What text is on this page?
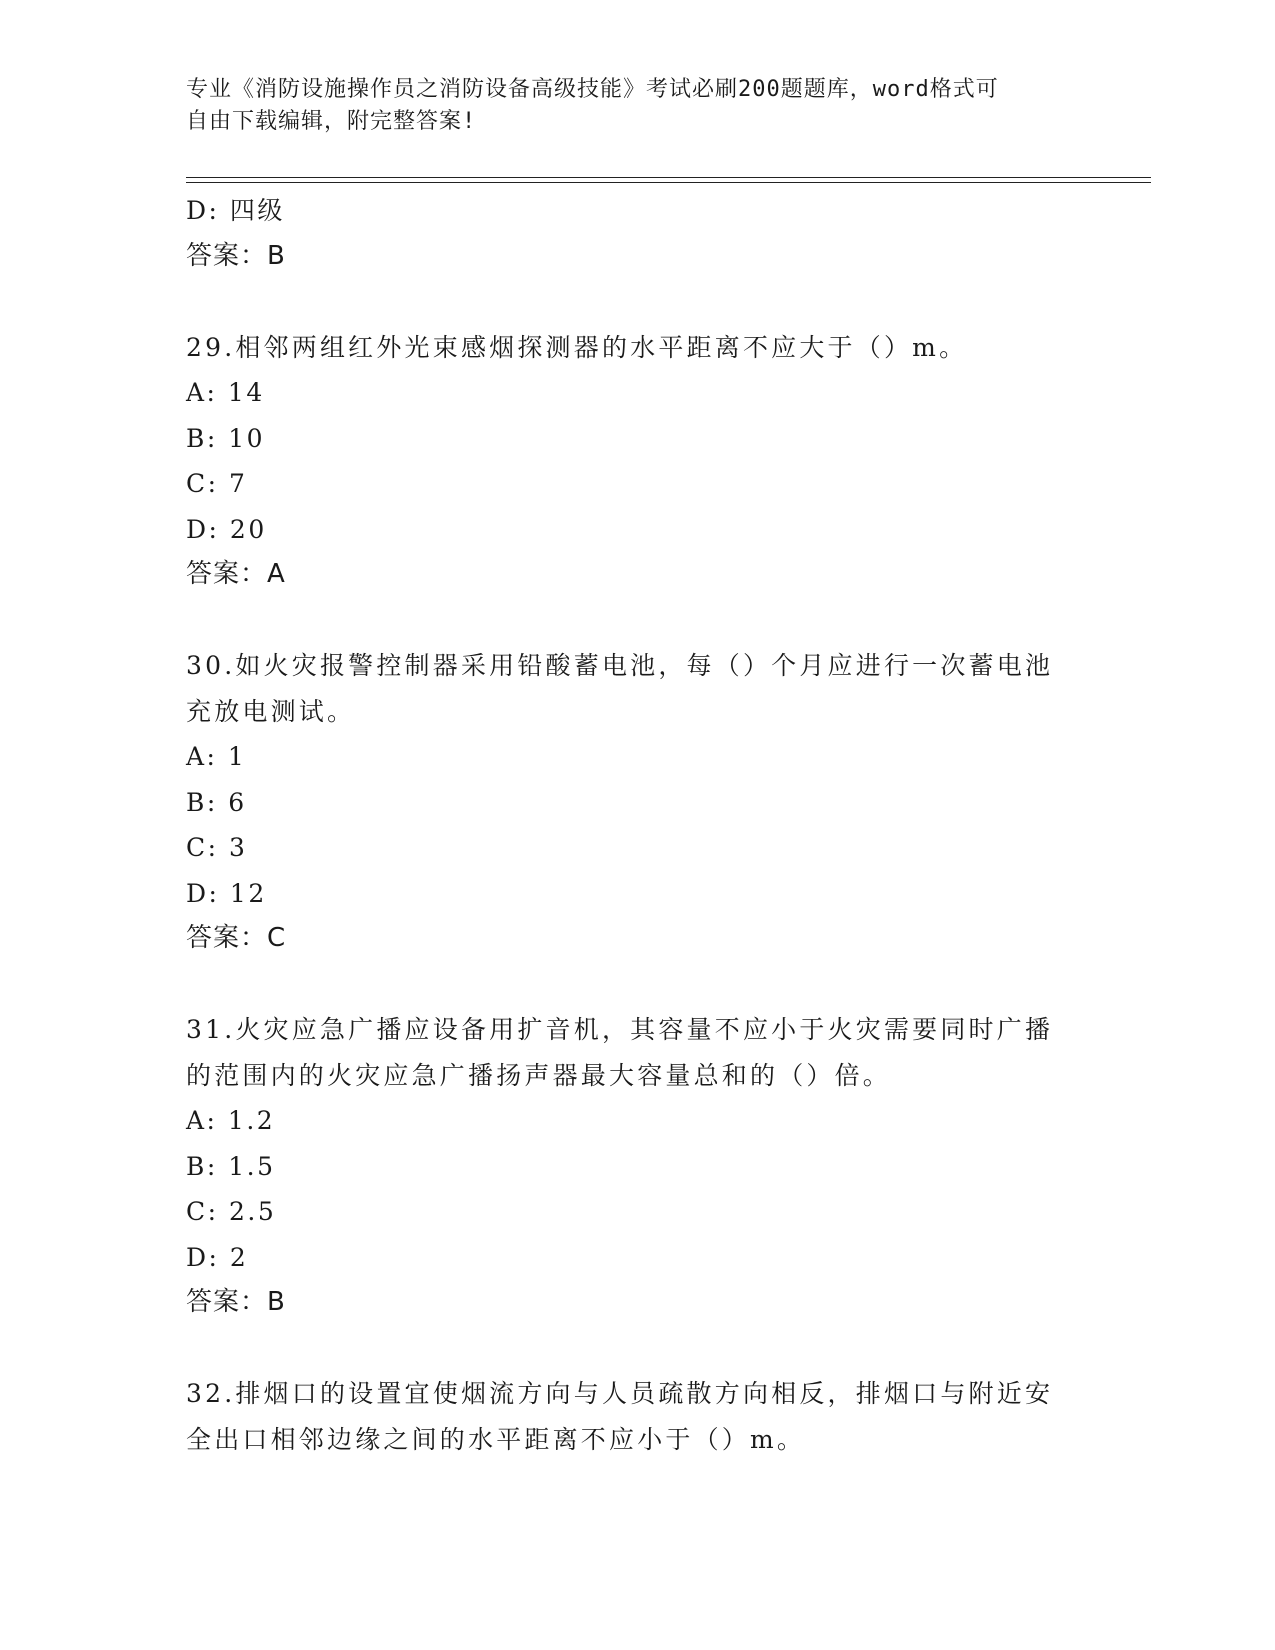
专业《消防设施操作员之消防设备高级技能》考试必刷200题题库，word格式可
自由下载编辑，附完整答案!
D: 四级
答案：B
29.相邻两组红外光束感烟探测器的水平距离不应大于（）m。
A: 14
B: 10
C: 7
D: 20
答案：A
30.如火灾报警控制器采用铅酸蓄电池，每（）个月应进行一次蓄电池
充放电测试。
A: 1
B: 6
C: 3
D: 12
答案：C
31.火灾应急广播应设备用扩音机，其容量不应小于火灾需要同时广播
的范围内的火灾应急广播扬声器最大容量总和的（）倍。
A: 1.2
B: 1.5
C: 2.5
D: 2
答案：B
32.排烟口的设置宜使烟流方向与人员疏散方向相反，排烟口与附近安
全出口相邻边缘之间的水平距离不应小于（）m。
